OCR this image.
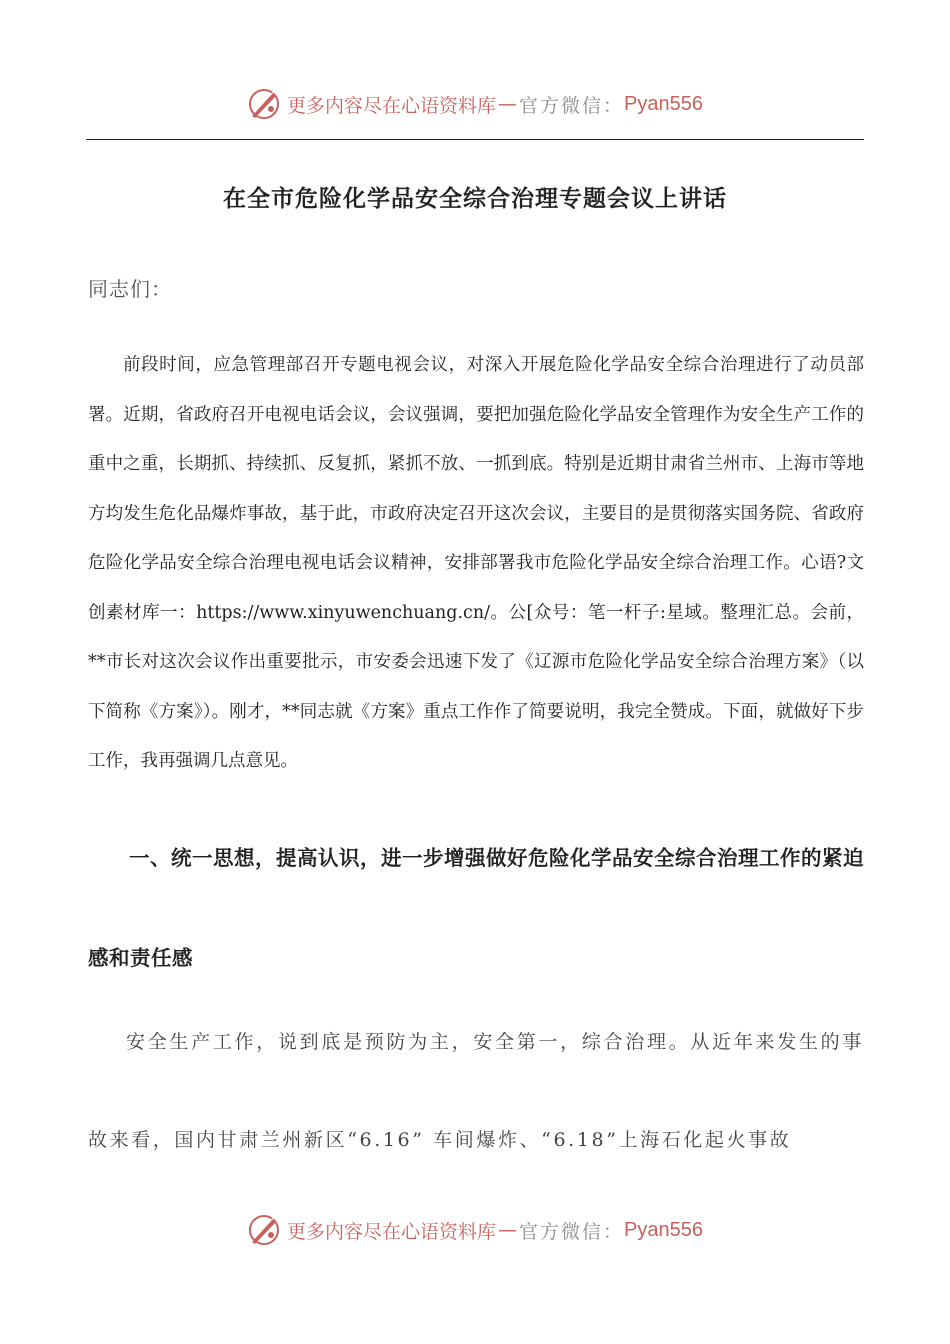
更多内容尽在心语资料库 — 官方微信： Pyan556
在全市危险化学品安全综合治理专题会议上讲话
同志们：
前段时间，应急管理部召开专题电视会议，对深入开展危险化学品安全综合治理进行了动员部署。近期，省政府召开电视电话会议，会议强调，要把加强危险化学品安全管理作为安全生产工作的重中之重，长期抓、持续抓、反复抓，紧抓不放、一抓到底。特别是近期甘肃省兰州市、上海市等地方均发生危化品爆炸事故，基于此，市政府决定召开这次会议，主要目的是贯彻落实国务院、省政府危险化学品安全综合治理电视电话会议精神，安排部署我市危险化学品安全综合治理工作。心语?文创素材库一：https://www.xinyuwenchuang.cn/。公[众号：笔一杆子:星域。整理汇总。会前，**市长对这次会议作出重要批示，市安委会迅速下发了《辽源市危险化学品安全综合治理方案》（以下简称《方案》）。刚才，**同志就《方案》重点工作作了简要说明，我完全赞成。下面，就做好下步工作，我再强调几点意见。
一、统一思想，提高认识，进一步增强做好危险化学品安全综合治理工作的紧迫感和责任感
安全生产工作，说到底是预防为主，安全第一，综合治理。从近年来发生的事故来看，国内甘肃兰州新区“6.16” 车间爆炸、“6.18”上海石化起火事故
更多内容尽在心语资料库 — 官方微信： Pyan556
